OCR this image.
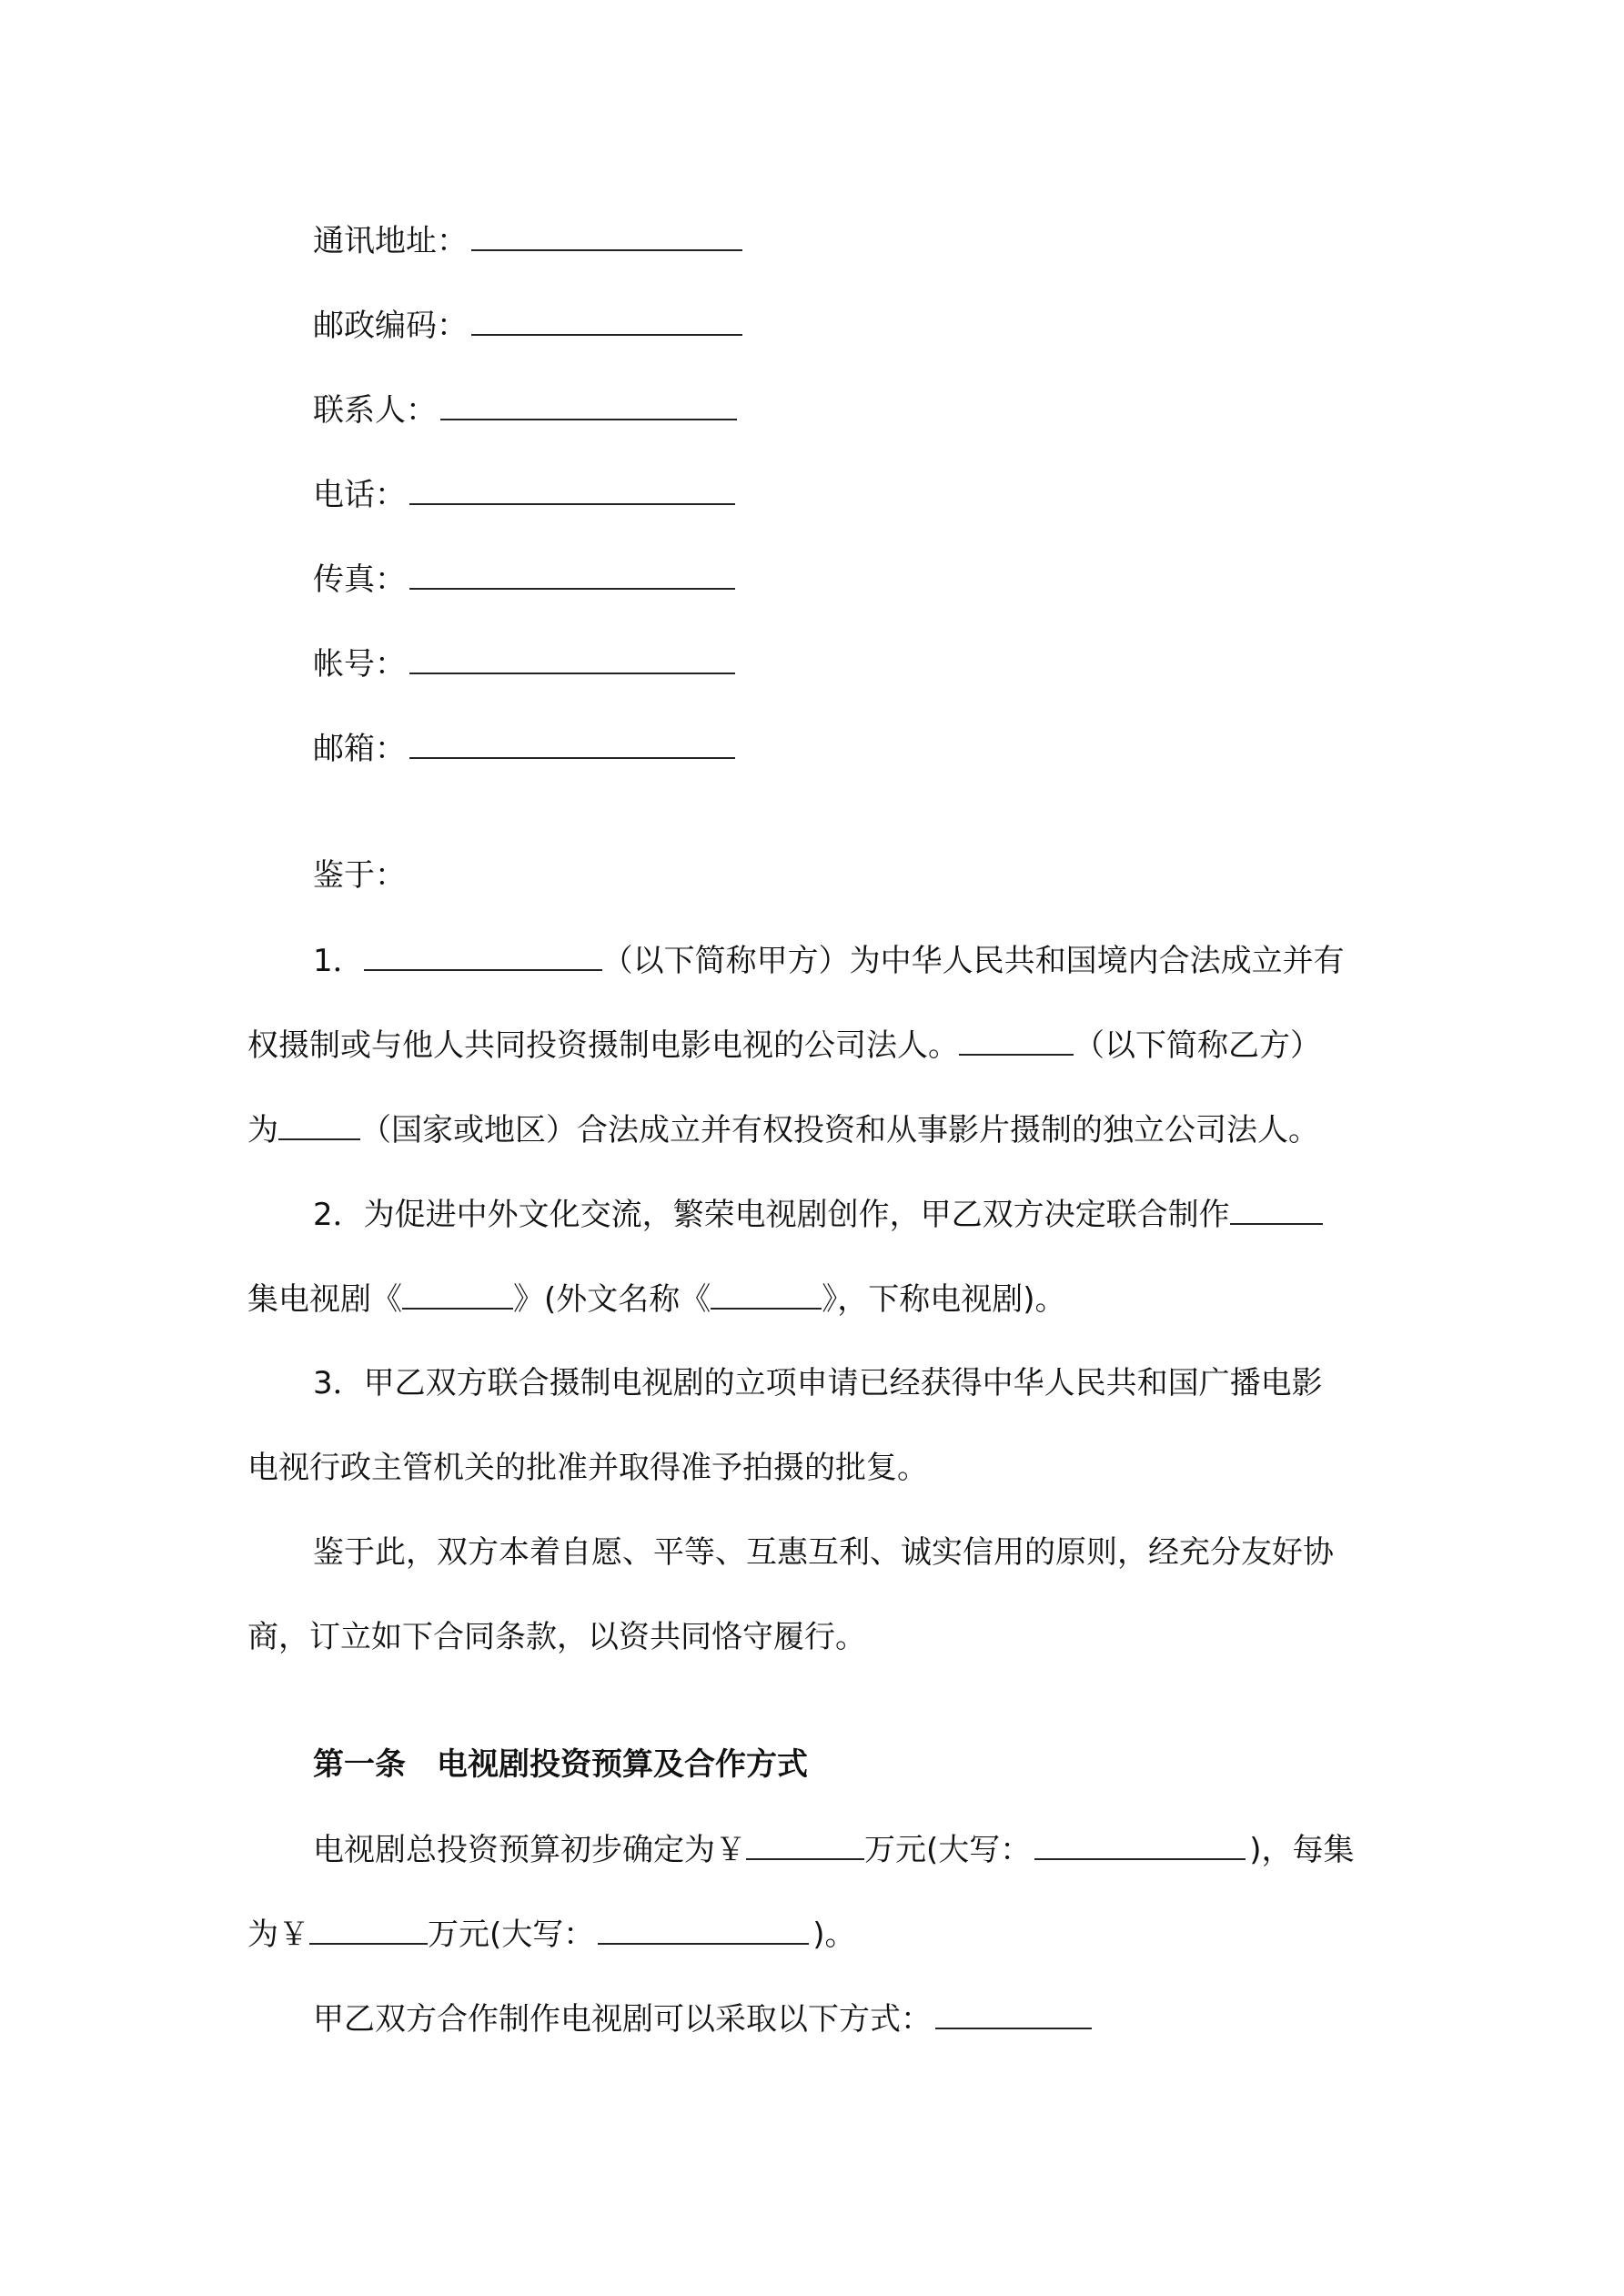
通讯地址：
邮政编码：
联系人：
电话：
传真：
帐号：
邮箱：
鉴于：
1．	（以下简称甲方）为中华人民共和国境内合法成立并有
权摄制或与他人共同投资摄制电影电视的公司法人。	（以下简称乙方）
为	（国家或地区）合法成立并有权投资和从事影片摄制的独立公司法人。
2．为促进中外文化交流，繁荣电视剧创作，甲乙双方决定联合制作
集电视剧《	》(外文名称《	》，下称电视剧)。
3．甲乙双方联合摄制电视剧的立项申请已经获得中华人民共和国广播电影
电视行政主管机关的批准并取得准予拍摄的批复。
鉴于此，双方本着自愿、平等、互惠互利、诚实信用的原则，经充分友好协
商，订立如下合同条款，以资共同恪守履行。
第一条 电视剧投资预算及合作方式
电视剧总投资预算初步确定为￥	万元(大写：	)，每集
为￥	万元(大写：	)。
甲乙双方合作制作电视剧可以采取以下方式：
